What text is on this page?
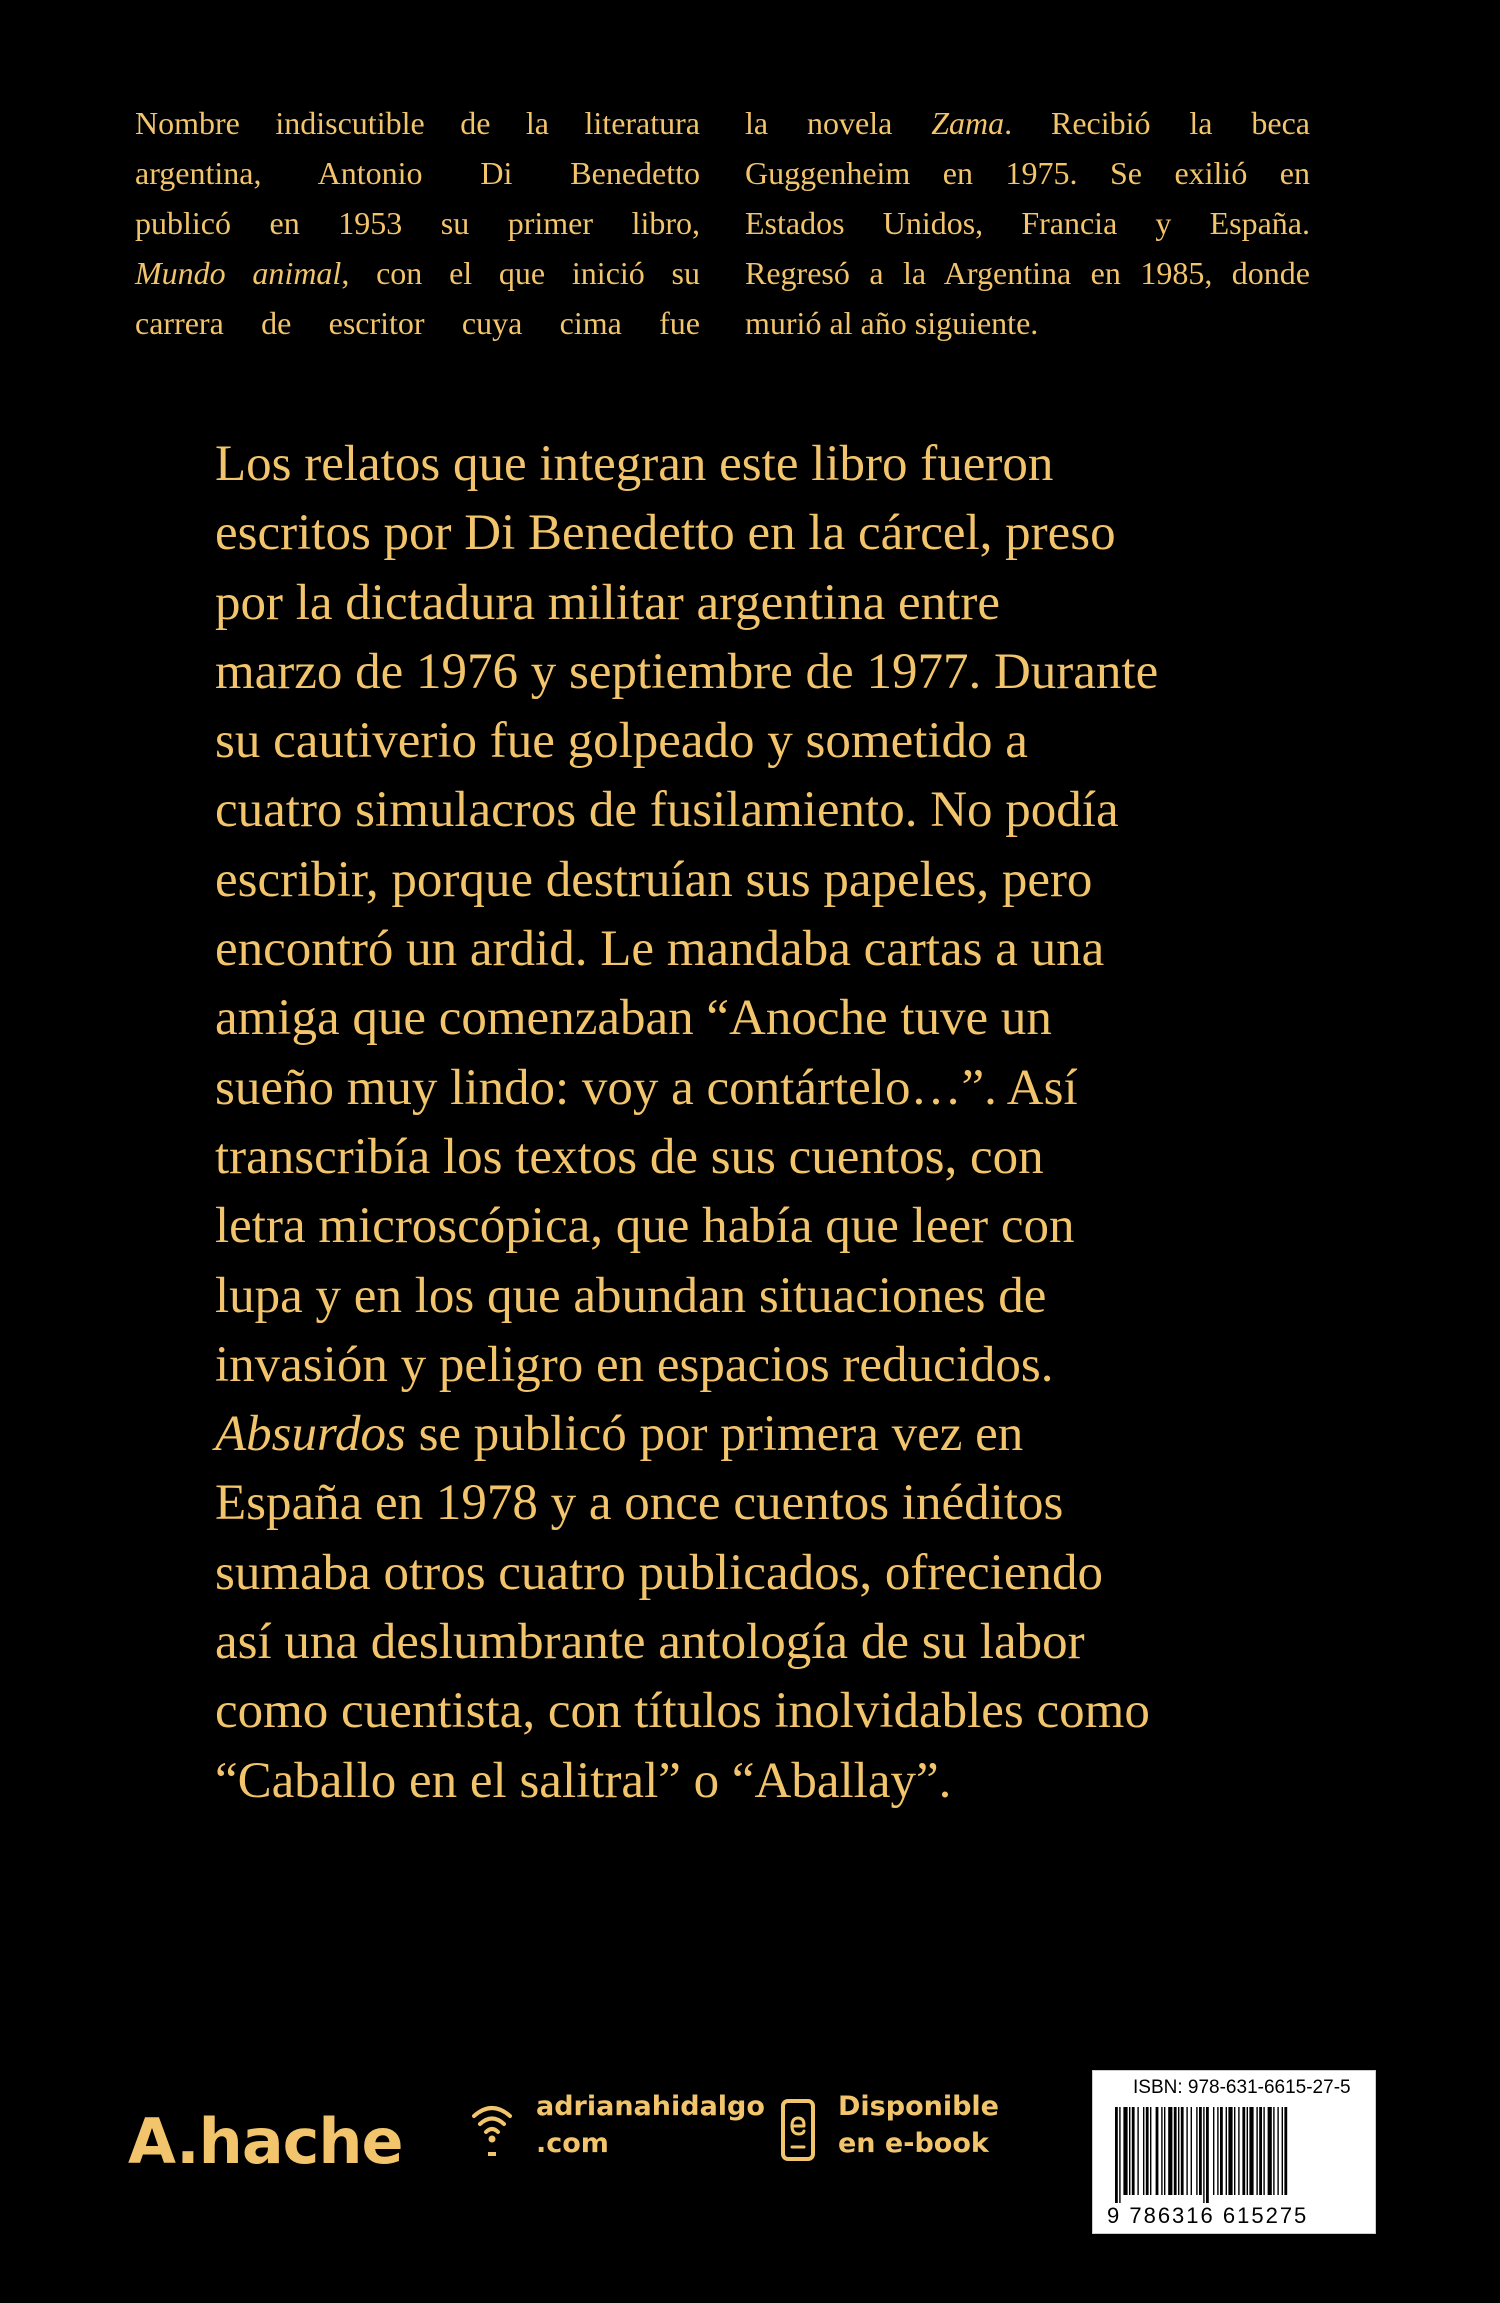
Nombre indiscutible de la literatura
argentina, Antonio Di Benedetto
publicó en 1953 su primer libro,
Mundo animal, con el que inició su
carrera de escritor cuya cima fue
la novela Zama. Recibió la beca
Guggenheim en 1975. Se exilió en
Estados Unidos, Francia y España.
Regresó a la Argentina en 1985, donde
murió al año siguiente.
Los relatos que integran este libro fueron
escritos por Di Benedetto en la cárcel, preso
por la dictadura militar argentina entre
marzo de 1976 y septiembre de 1977. Durante
su cautiverio fue golpeado y sometido a
cuatro simulacros de fusilamiento. No podía
escribir, porque destruían sus papeles, pero
encontró un ardid. Le mandaba cartas a una
amiga que comenzaban “Anoche tuve un
sueño muy lindo: voy a contártelo…”. Así
transcribía los textos de sus cuentos, con
letra microscópica, que había que leer con
lupa y en los que abundan situaciones de
invasión y peligro en espacios reducidos.
Absurdos se publicó por primera vez en
España en 1978 y a once cuentos inéditos
sumaba otros cuatro publicados, ofreciendo
así una deslumbrante antología de su labor
como cuentista, con títulos inolvidables como
“Caballo en el salitral” o “Aballay”.
A.hache	adrianahidalgo
.com
Disponible
en e-book
ISBN: 978-631-6615-27-5
9 786316 615275
